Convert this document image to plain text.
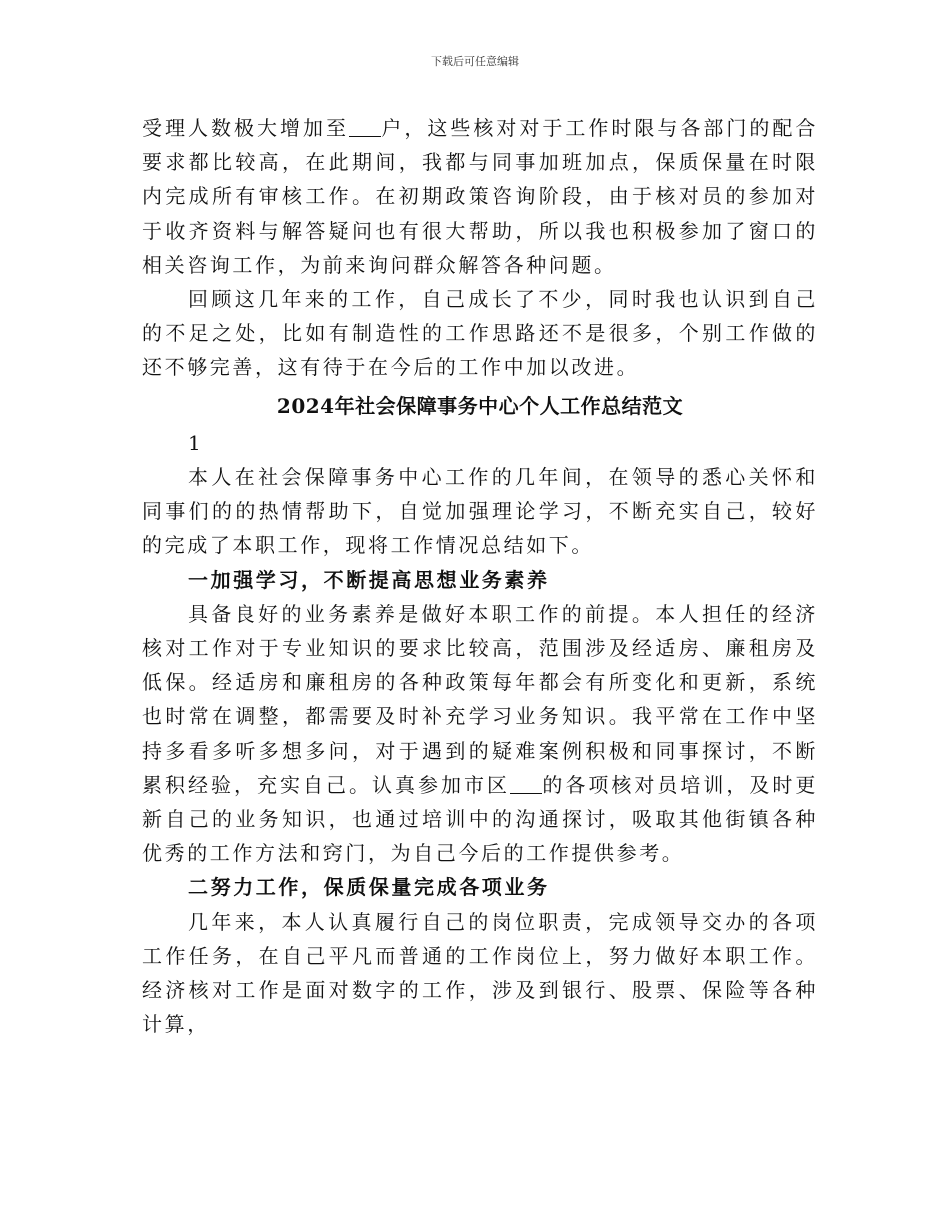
下载后可任意编辑

受理人数极大增加至 户，这些核对对于工作时限与各部门的配合要求都比较高，在此期间，我都与同事加班加点，保质保量在时限内完成所有审核工作。在初期政策咨询阶段，由于核对员的参加对于收齐资料与解答疑问也有很大帮助，所以我也积极参加了窗口的相关咨询工作，为前来询问群众解答各种问题。

回顾这几年来的工作，自己成长了不少，同时我也认识到自己的不足之处，比如有制造性的工作思路还不是很多，个别工作做的还不够完善，这有待于在今后的工作中加以改进。

2024年社会保障事务中心个人工作总结范文

1

本人在社会保障事务中心工作的几年间，在领导的悉心关怀和同事们的的热情帮助下，自觉加强理论学习，不断充实自己，较好的完成了本职工作，现将工作情况总结如下。

一加强学习，不断提高思想业务素养

具备良好的业务素养是做好本职工作的前提。本人担任的经济核对工作对于专业知识的要求比较高，范围涉及经适房、廉租房及低保。经适房和廉租房的各种政策每年都会有所变化和更新，系统也时常在调整，都需要及时补充学习业务知识。我平常在工作中坚持多看多听多想多问，对于遇到的疑难案例积极和同事探讨，不断累积经验，充实自己。认真参加市区 的各项核对员培训，及时更新自己的业务知识，也通过培训中的沟通探讨，吸取其他街镇各种优秀的工作方法和窍门，为自己今后的工作提供参考。

二努力工作，保质保量完成各项业务

几年来，本人认真履行自己的岗位职责，完成领导交办的各项工作任务，在自己平凡而普通的工作岗位上，努力做好本职工作。经济核对工作是面对数字的工作，涉及到银行、股票、保险等各种计算，
